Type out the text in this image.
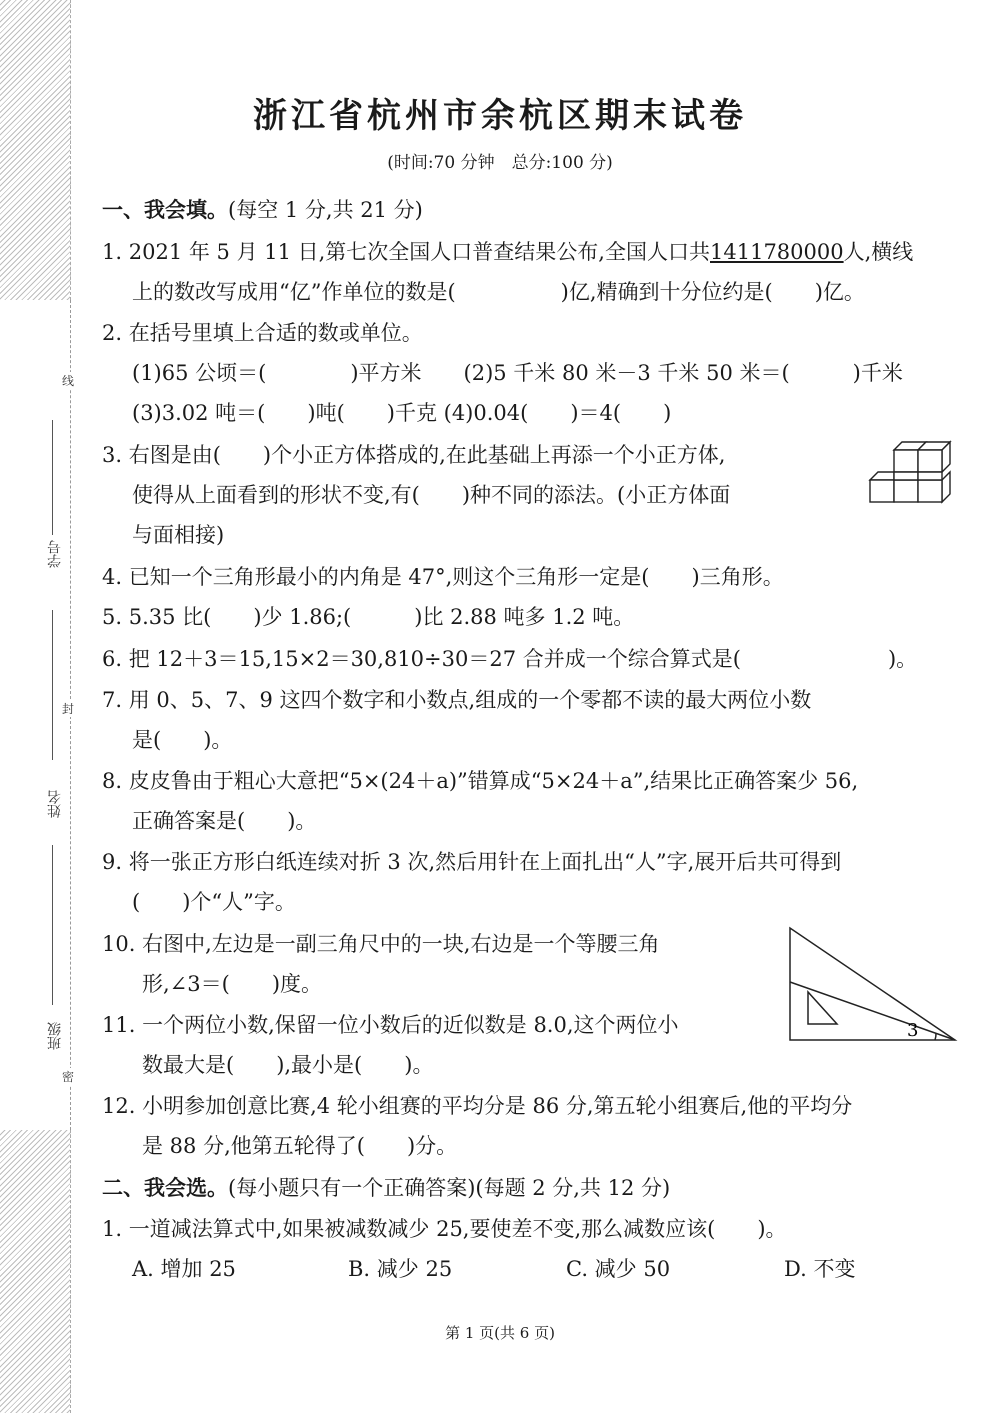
线
封
密
学号
姓名
班级
浙江省杭州市余杭区期末试卷
(时间:70 分钟　总分:100 分)
一、我会填。(每空 1 分,共 21 分)
1. 2021 年 5 月 11 日,第七次全国人口普查结果公布,全国人口共1411780000人,横线
上的数改写成用“亿”作单位的数是(　　　　　)亿,精确到十分位约是(　　)亿。
2. 在括号里填上合适的数或单位。
(1)65 公顷＝(　　　　)平方米　　(2)5 千米 80 米－3 千米 50 米＝(　　　)千米
(3)3.02 吨＝(　　)吨(　　)千克 (4)0.04(　　)＝4(　　)
3. 右图是由(　　)个小正方体搭成的,在此基础上再添一个小正方体,
使得从上面看到的形状不变,有(　　)种不同的添法。(小正方体面
与面相接)
4. 已知一个三角形最小的内角是 47°,则这个三角形一定是(　　)三角形。
5. 5.35 比(　　)少 1.86;(　　　)比 2.88 吨多 1.2 吨。
6. 把 12＋3＝15,15×2＝30,810÷30＝27 合并成一个综合算式是(　　　　　　　)。
7. 用 0、5、7、9 这四个数字和小数点,组成的一个零都不读的最大两位小数
是(　　)。
8. 皮皮鲁由于粗心大意把“5×(24＋a)”错算成“5×24＋a”,结果比正确答案少 56,
正确答案是(　　)。
9. 将一张正方形白纸连续对折 3 次,然后用针在上面扎出“人”字,展开后共可得到
(　　)个“人”字。
10. 右图中,左边是一副三角尺中的一块,右边是一个等腰三角
形,∠3＝(　　)度。
3
11. 一个两位小数,保留一位小数后的近似数是 8.0,这个两位小
数最大是(　　),最小是(　　)。
12. 小明参加创意比赛,4 轮小组赛的平均分是 86 分,第五轮小组赛后,他的平均分
是 88 分,他第五轮得了(　　)分。
二、我会选。(每小题只有一个正确答案)(每题 2 分,共 12 分)
1. 一道减法算式中,如果被减数减少 25,要使差不变,那么减数应该(　　)。
A. 增加 25	B. 减少 25	C. 减少 50	D. 不变
第 1 页(共 6 页)
